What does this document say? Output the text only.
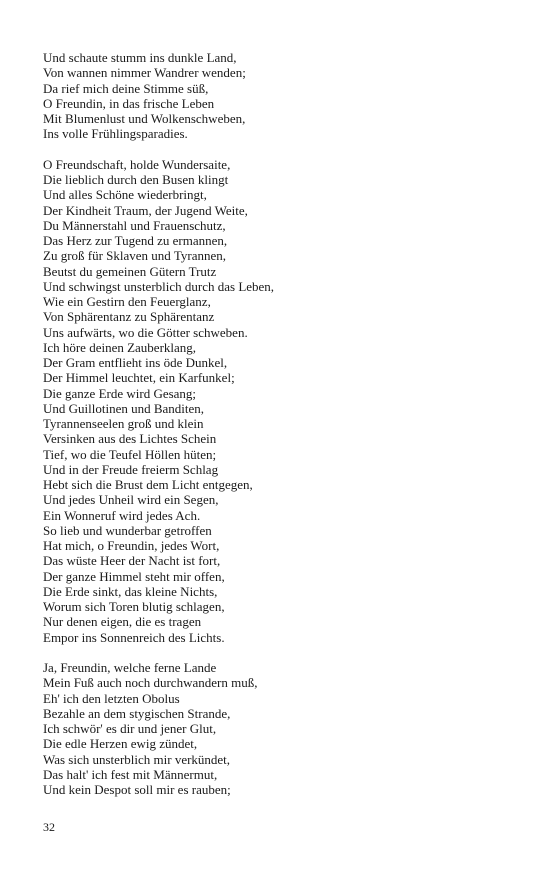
Und schaute stumm ins dunkle Land,
Von wannen nimmer Wandrer wenden;
Da rief mich deine Stimme süß,
O Freundin, in das frische Leben
Mit Blumenlust und Wolkenschweben,
Ins volle Frühlingsparadies.
O Freundschaft, holde Wundersaite,
Die lieblich durch den Busen klingt
Und alles Schöne wiederbringt,
Der Kindheit Traum, der Jugend Weite,
Du Männerstahl und Frauenschutz,
Das Herz zur Tugend zu ermannen,
Zu groß für Sklaven und Tyrannen,
Beutst du gemeinen Gütern Trutz
Und schwingst unsterblich durch das Leben,
Wie ein Gestirn den Feuerglanz,
Von Sphärentanz zu Sphärentanz
Uns aufwärts, wo die Götter schweben.
Ich höre deinen Zauberklang,
Der Gram entflieht ins öde Dunkel,
Der Himmel leuchtet, ein Karfunkel;
Die ganze Erde wird Gesang;
Und Guillotinen und Banditen,
Tyrannenseelen groß und klein
Versinken aus des Lichtes Schein
Tief, wo die Teufel Höllen hüten;
Und in der Freude freierm Schlag
Hebt sich die Brust dem Licht entgegen,
Und jedes Unheil wird ein Segen,
Ein Wonneruf wird jedes Ach.
So lieb und wunderbar getroffen
Hat mich, o Freundin, jedes Wort,
Das wüste Heer der Nacht ist fort,
Der ganze Himmel steht mir offen,
Die Erde sinkt, das kleine Nichts,
Worum sich Toren blutig schlagen,
Nur denen eigen, die es tragen
Empor ins Sonnenreich des Lichts.
Ja, Freundin, welche ferne Lande
Mein Fuß auch noch durchwandern muß,
Eh' ich den letzten Obolus
Bezahle an dem stygischen Strande,
Ich schwör' es dir und jener Glut,
Die edle Herzen ewig zündet,
Was sich unsterblich mir verkündet,
Das halt' ich fest mit Männermut,
Und kein Despot soll mir es rauben;
32
